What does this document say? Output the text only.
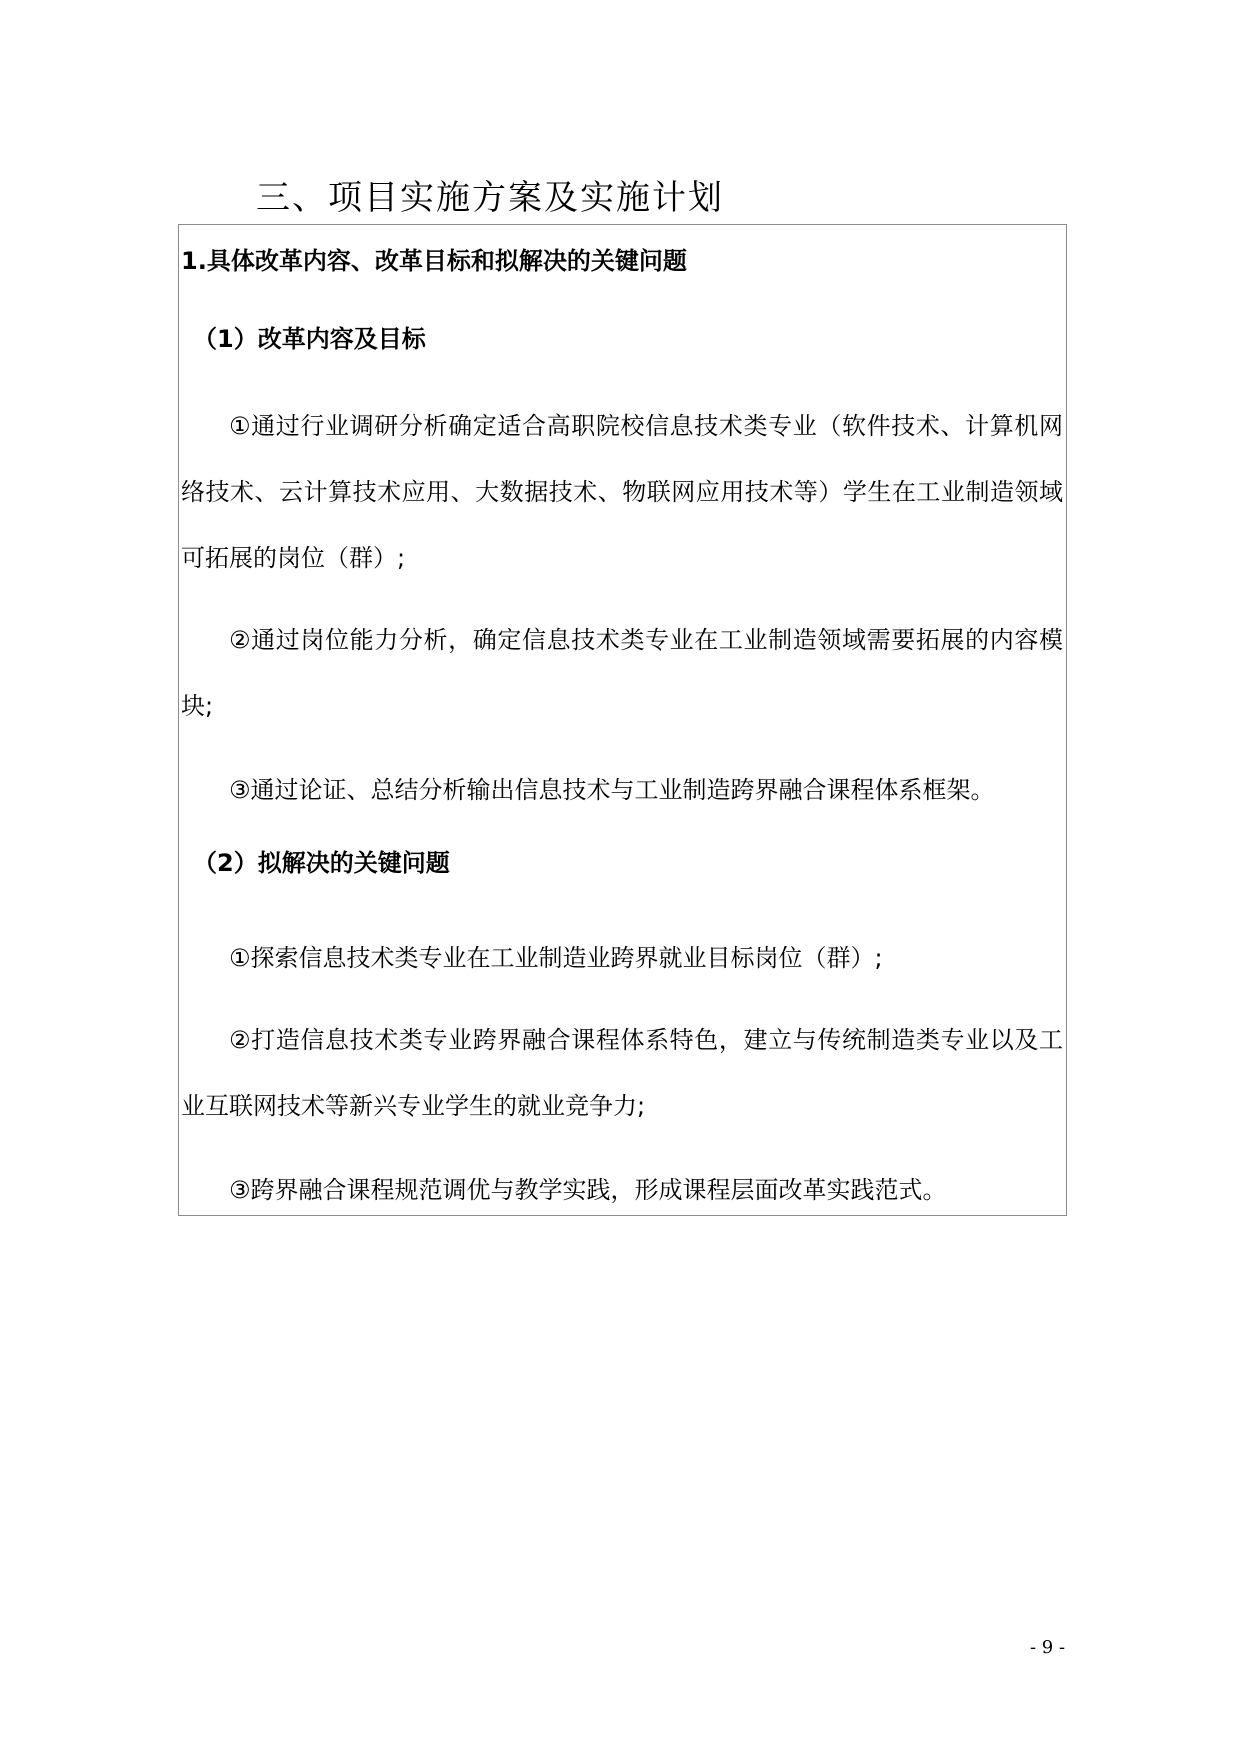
三、项目实施方案及实施计划
1.具体改革内容、改革目标和拟解决的关键问题
（1）改革内容及目标
①通过行业调研分析确定适合高职院校信息技术类专业（软件技术、计算机网络技术、云计算技术应用、大数据技术、物联网应用技术等）学生在工业制造领域可拓展的岗位（群）;
②通过岗位能力分析，确定信息技术类专业在工业制造领域需要拓展的内容模块;
③通过论证、总结分析输出信息技术与工业制造跨界融合课程体系框架。
（2）拟解决的关键问题
①探索信息技术类专业在工业制造业跨界就业目标岗位（群）;
②打造信息技术类专业跨界融合课程体系特色，建立与传统制造类专业以及工业互联网技术等新兴专业学生的就业竞争力;
③跨界融合课程规范调优与教学实践，形成课程层面改革实践范式。
- 9 -
